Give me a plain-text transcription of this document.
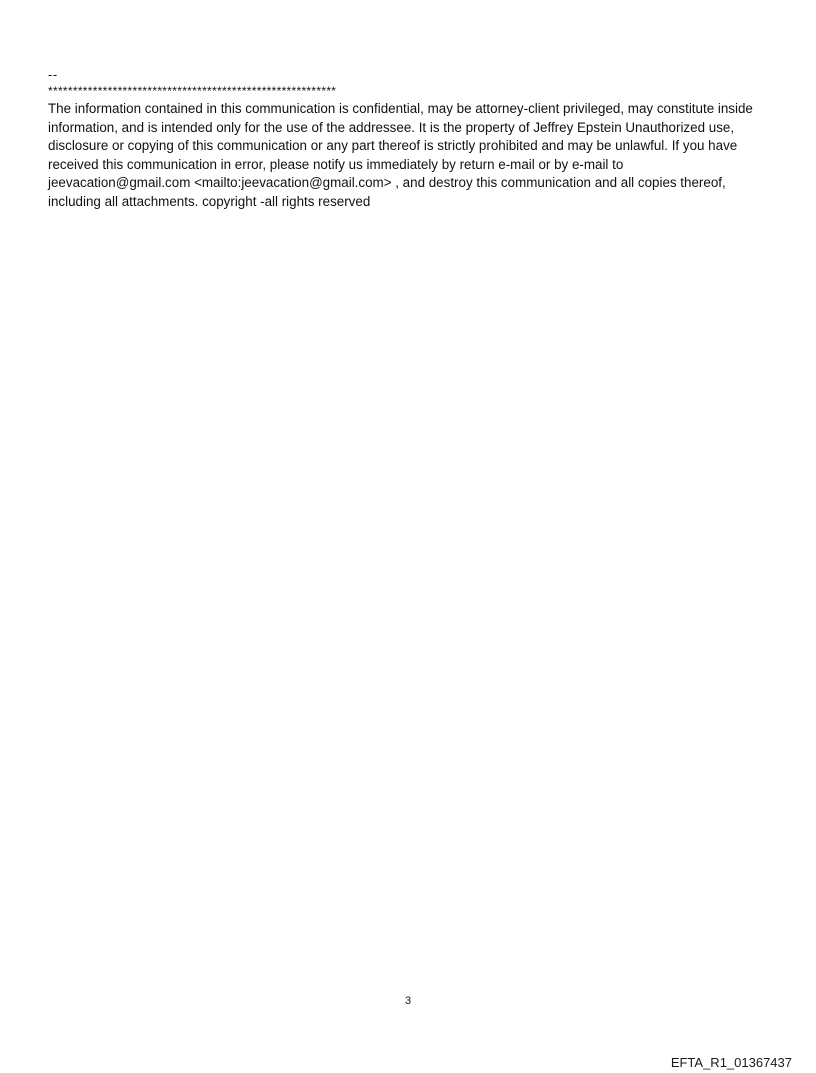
--
**********************************************************

The information contained in this communication is confidential, may be attorney-client privileged, may constitute inside information, and is intended only for the use of the addressee. It is the property of Jeffrey Epstein Unauthorized use, disclosure or copying of this communication or any part thereof is strictly prohibited and may be unlawful. If you have received this communication in error, please notify us immediately by return e-mail or by e-mail to jeevacation@gmail.com <mailto:jeevacation@gmail.com> , and destroy this communication and all copies thereof, including all attachments. copyright -all rights reserved

3
EFTA_R1_01367437
